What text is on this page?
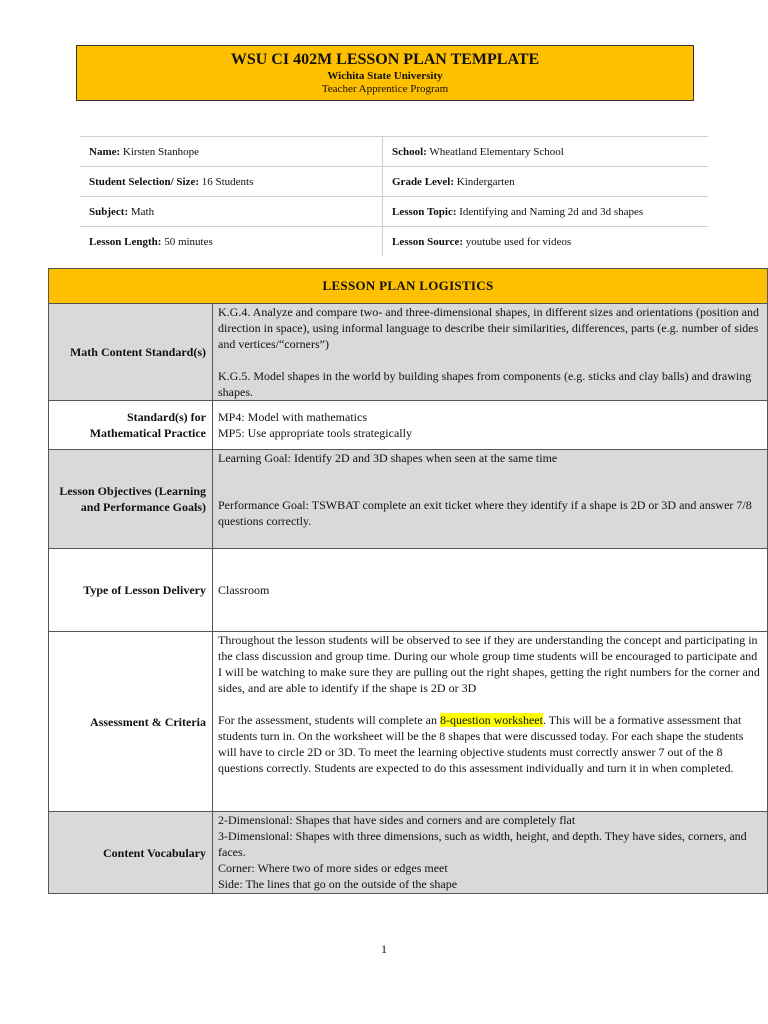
WSU CI 402M LESSON PLAN TEMPLATE
Wichita State University
Teacher Apprentice Program
Name: Kirsten Stanhope	School: Wheatland Elementary School
Student Selection/ Size: 16 Students	Grade Level: Kindergarten
Subject: Math	Lesson Topic: Identifying and Naming 2d and 3d shapes
Lesson Length: 50 minutes	Lesson Source: youtube used for videos
LESSON PLAN LOGISTICS	
Math Content Standard(s)	K.G.4. Analyze and compare two- and three-dimensional shapes, in different sizes and orientations (position and direction in space), using informal language to describe their similarities, differences, parts (e.g. number of sides and vertices/“corners”)

K.G.5. Model shapes in the world by building shapes from components (e.g. sticks and clay balls) and drawing shapes.

Standard(s) for Mathematical Practice	MP4: Model with mathematics
MP5: Use appropriate tools strategically

Lesson Objectives (Learning and Performance Goals)	Learning Goal: Identify 2D and 3D shapes when seen at the same time

Performance Goal: TSWBAT complete an exit ticket where they identify if a shape is 2D or 3D and answer 7/8 questions correctly.

Type of Lesson Delivery	Classroom
Assessment & Criteria	Throughout the lesson students will be observed to see if they are understanding the concept and participating in the class discussion and group time. During our whole group time students will be encouraged to participate and I will be watching to make sure they are pulling out the right shapes, getting the right numbers for the corner and sides, and are able to identify if the shape is 2D or 3D

For the assessment, students will complete an 8-question worksheet. This will be a formative assessment that students turn in. On the worksheet will be the 8 shapes that were discussed today. For each shape the students will have to circle 2D or 3D. To meet the learning objective students must correctly answer 7 out of the 8 questions correctly. Students are expected to do this assessment individually and turn it in when completed.

Content Vocabulary	2-Dimensional: Shapes that have sides and corners and are completely flat
3-Dimensional: Shapes with three dimensions, such as width, height, and depth. They have sides, corners, and faces.
Corner: Where two of more sides or edges meet
Side: The lines that go on the outside of the shape
1
